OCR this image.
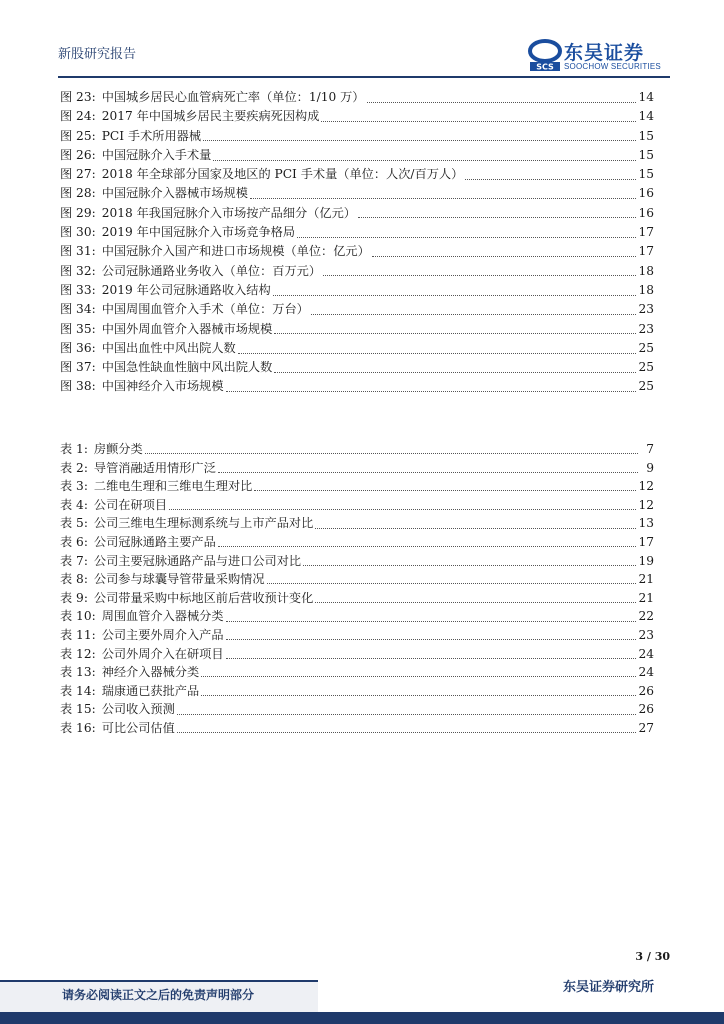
新股研究报告
SCS
东吴证券
SOOCHOW SECURITIES
图 23: 中国城乡居民心血管病死亡率（单位：1/10 万）	14
图 24: 2017 年中国城乡居民主要疾病死因构成	14
图 25: PCI 手术所用器械	15
图 26: 中国冠脉介入手术量	15
图 27: 2018 年全球部分国家及地区的 PCI 手术量（单位：人次/百万人）	15
图 28: 中国冠脉介入器械市场规模	16
图 29: 2018 年我国冠脉介入市场按产品细分（亿元）	16
图 30: 2019 年中国冠脉介入市场竞争格局	17
图 31: 中国冠脉介入国产和进口市场规模（单位：亿元）	17
图 32: 公司冠脉通路业务收入（单位：百万元）	18
图 33: 2019 年公司冠脉通路收入结构	18
图 34: 中国周围血管介入手术（单位：万台）	23
图 35: 中国外周血管介入器械市场规模	23
图 36: 中国出血性中风出院人数	25
图 37: 中国急性缺血性脑中风出院人数	25
图 38: 中国神经介入市场规模	25
表 1: 房颤分类	7
表 2: 导管消融适用情形广泛	9
表 3: 二维电生理和三维电生理对比	12
表 4: 公司在研项目	12
表 5: 公司三维电生理标测系统与上市产品对比	13
表 6: 公司冠脉通路主要产品	17
表 7: 公司主要冠脉通路产品与进口公司对比	19
表 8: 公司参与球囊导管带量采购情况	21
表 9: 公司带量采购中标地区前后营收预计变化	21
表 10: 周围血管介入器械分类	22
表 11: 公司主要外周介入产品	23
表 12: 公司外周介入在研项目	24
表 13: 神经介入器械分类	24
表 14: 瑞康通已获批产品	26
表 15: 公司收入预测	26
表 16: 可比公司估值	27
3 / 30
请务必阅读正文之后的免责声明部分	东吴证券研究所
